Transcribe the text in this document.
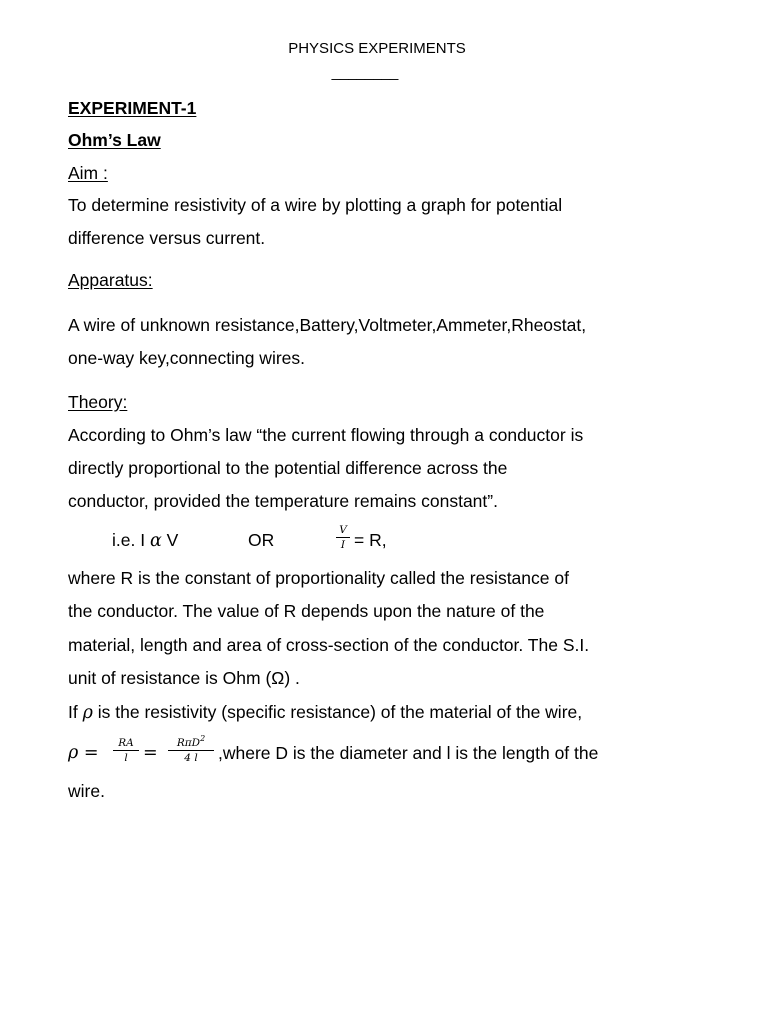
PHYSICS EXPERIMENTS
________
EXPERIMENT-1
Ohm’s Law
Aim :
To determine resistivity of a wire by plotting a graph for potential
difference versus current.
Apparatus:
A wire of unknown resistance,Battery,Voltmeter,Ammeter,Rheostat,
one-way key,connecting wires.
Theory:
According to Ohm’s law “the current flowing through a conductor is
directly proportional to the potential difference across the
conductor, provided the temperature remains constant”.
i.e. I α V	OR	$\frac{V}{I} = R$,
where R is the constant of proportionality called the resistance of
the conductor. The value of R depends upon the nature of the
material, length and area of cross-section of the conductor. The S.I.
unit of resistance is Ohm (Ω) .
If ρ is the resistivity (specific resistance) of the material of the wire,
$\rho = \frac{RA}{l}$ =	RπD$^2$
4 l	,where D is the diameter and l is the length of the
wire.
